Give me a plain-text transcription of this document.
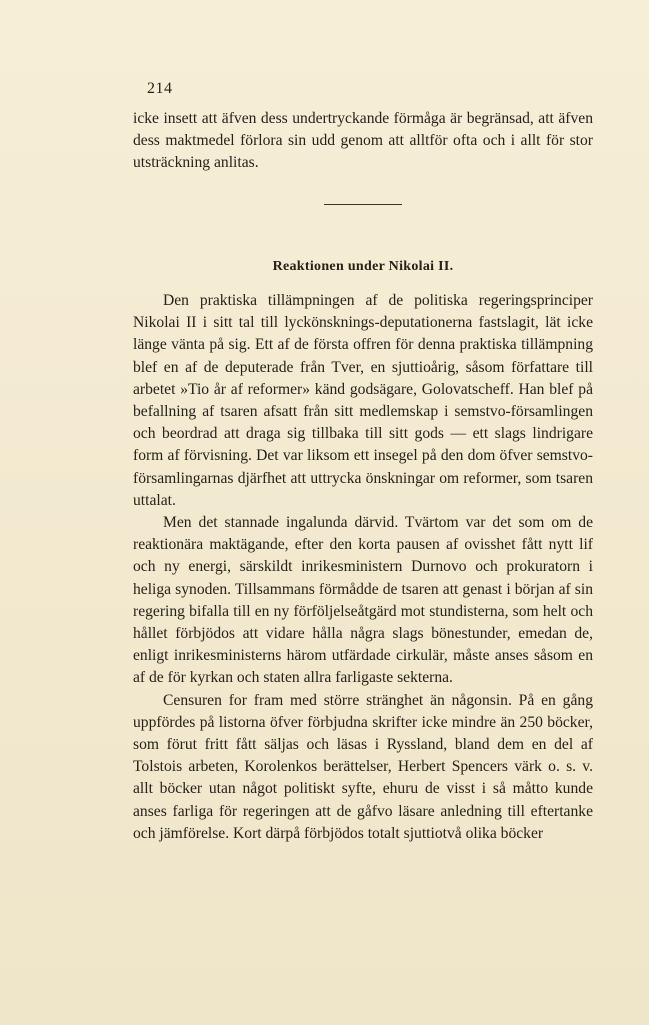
214

icke insett att äfven dess undertryckande förmåga är begränsad, att äfven dess maktmedel förlora sin udd genom att alltför ofta och i allt för stor utsträckning anlitas.

Reaktionen under Nikolai II.

Den praktiska tillämpningen af de politiska regeringsprinciper Nikolai II i sitt tal till lyckönsknings-deputationerna fastslagit, lät icke länge vänta på sig. Ett af de första offren för denna praktiska tillämpning blef en af de deputerade från Tver, en sjuttioårig, såsom författare till arbetet »Tio år af reformer» känd godsägare, Golovatscheff. Han blef på befallning af tsaren afsatt från sitt medlemskap i semstvo-församlingen och beordrad att draga sig tillbaka till sitt gods — ett slags lindrigare form af förvisning. Det var liksom ett insegel på den dom öfver semstvo-församlingarnas djärfhet att uttrycka önskningar om reformer, som tsaren uttalat.

Men det stannade ingalunda därvid. Tvärtom var det som om de reaktionära maktägande, efter den korta pausen af ovisshet fått nytt lif och ny energi, särskildt inrikesministern Durnovo och prokuratorn i heliga synoden. Tillsammans förmådde de tsaren att genast i början af sin regering bifalla till en ny förföljelseåtgärd mot stundisterna, som helt och hållet förbjödos att vidare hålla några slags bönestunder, emedan de, enligt inrikesministerns härom utfärdade cirkulär, måste anses såsom en af de för kyrkan och staten allra farligaste sekterna.

Censuren for fram med större stränghet än någonsin. På en gång uppfördes på listorna öfver förbjudna skrifter icke mindre än 250 böcker, som förut fritt fått säljas och läsas i Ryssland, bland dem en del af Tolstois arbeten, Korolenkos berättelser, Herbert Spencers värk o. s. v. allt böcker utan något politiskt syfte, ehuru de visst i så måtto kunde anses farliga för regeringen att de gåfvo läsare anledning till eftertanke och jämförelse. Kort därpå förbjödos totalt sjuttiotvå olika böcker
